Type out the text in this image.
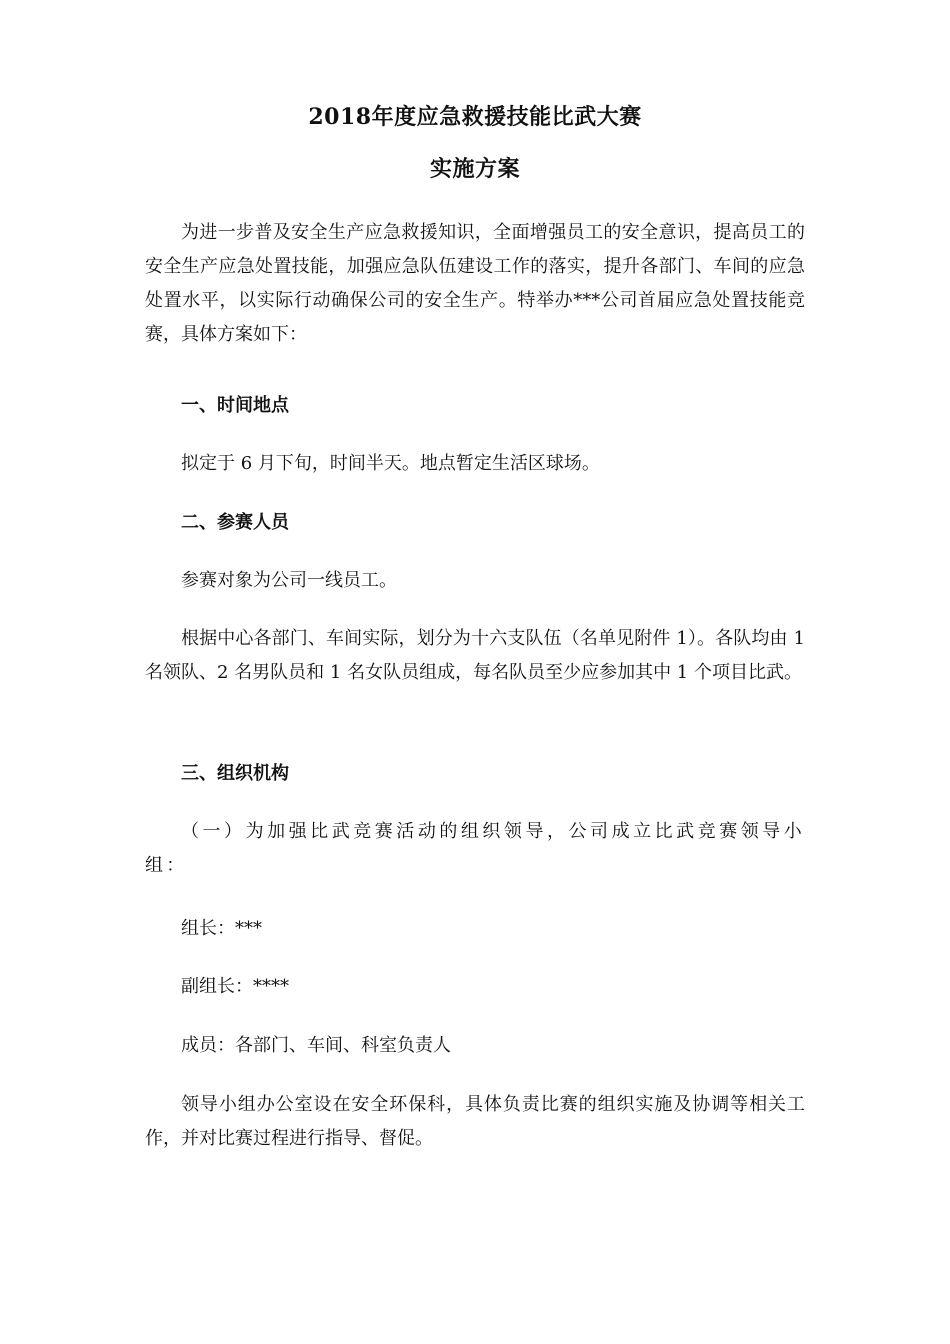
2018年度应急救援技能比武大赛
实施方案
为进一步普及安全生产应急救援知识，全面增强员工的安全意识，提高员工的安全生产应急处置技能，加强应急队伍建设工作的落实，提升各部门、车间的应急处置水平，以实际行动确保公司的安全生产。特举办***公司首届应急处置技能竞赛，具体方案如下：
一、时间地点
拟定于 6 月下旬，时间半天。地点暂定生活区球场。
二、参赛人员
参赛对象为公司一线员工。
根据中心各部门、车间实际，划分为十六支队伍（名单见附件 1）。各队均由 1 名领队、2 名男队员和 1 名女队员组成，每名队员至少应参加其中 1 个项目比武。
三、组织机构
（一）为加强比武竞赛活动的组织领导，公司成立比武竞赛领导小组：
组长：***
副组长：****
成员：各部门、车间、科室负责人
领导小组办公室设在安全环保科，具体负责比赛的组织实施及协调等相关工作，并对比赛过程进行指导、督促。
